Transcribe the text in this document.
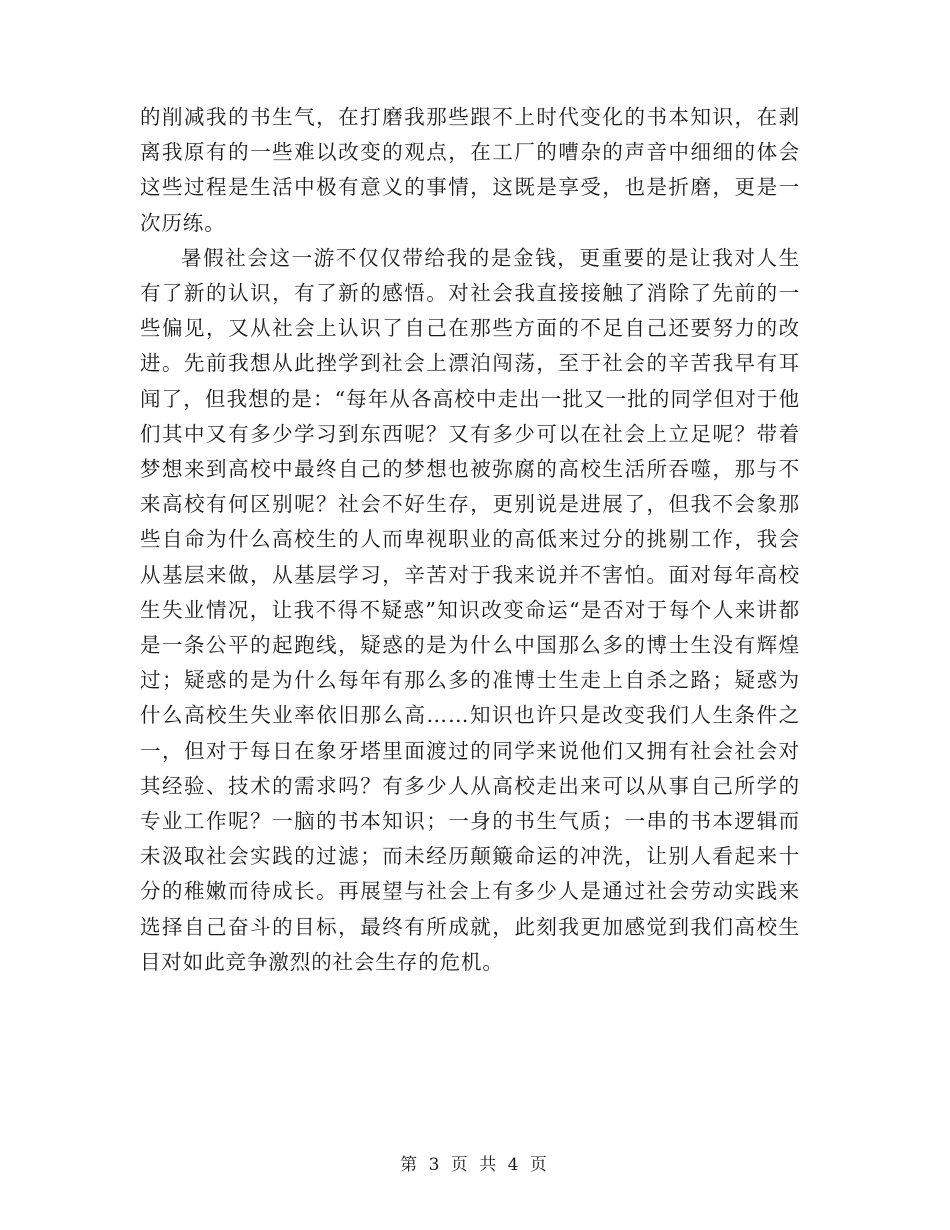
的削减我的书生气，在打磨我那些跟不上时代变化的书本知识，在剥离我原有的一些难以改变的观点，在工厂的嘈杂的声音中细细的体会这些过程是生活中极有意义的事情，这既是享受，也是折磨，更是一次历练。

暑假社会这一游不仅仅带给我的是金钱，更重要的是让我对人生有了新的认识，有了新的感悟。对社会我直接接触了消除了先前的一些偏见，又从社会上认识了自己在那些方面的不足自己还要努力的改进。先前我想从此挫学到社会上漂泊闯荡，至于社会的辛苦我早有耳闻了，但我想的是：“每年从各高校中走出一批又一批的同学但对于他们其中又有多少学习到东西呢？又有多少可以在社会上立足呢？带着梦想来到高校中最终自己的梦想也被弥腐的高校生活所吞噬，那与不来高校有何区别呢？社会不好生存，更别说是进展了，但我不会象那些自命为什么高校生的人而卑视职业的高低来过分的挑剔工作，我会从基层来做，从基层学习，辛苦对于我来说并不害怕。面对每年高校生失业情况，让我不得不疑惑”知识改变命运“是否对于每个人来讲都是一条公平的起跑线，疑惑的是为什么中国那么多的博士生没有辉煌过；疑惑的是为什么每年有那么多的准博士生走上自杀之路；疑惑为什么高校生失业率依旧那么高……知识也许只是改变我们人生条件之一，但对于每日在象牙塔里面渡过的同学来说他们又拥有社会社会对其经验、技术的需求吗？有多少人从高校走出来可以从事自己所学的专业工作呢？一脑的书本知识；一身的书生气质；一串的书本逻辑而未汲取社会实践的过滤；而未经历颠簸命运的冲洗，让别人看起来十分的稚嫩而待成长。再展望与社会上有多少人是通过社会劳动实践来选择自己奋斗的目标，最终有所成就，此刻我更加感觉到我们高校生目对如此竞争激烈的社会生存的危机。

第 3 页 共 4 页
